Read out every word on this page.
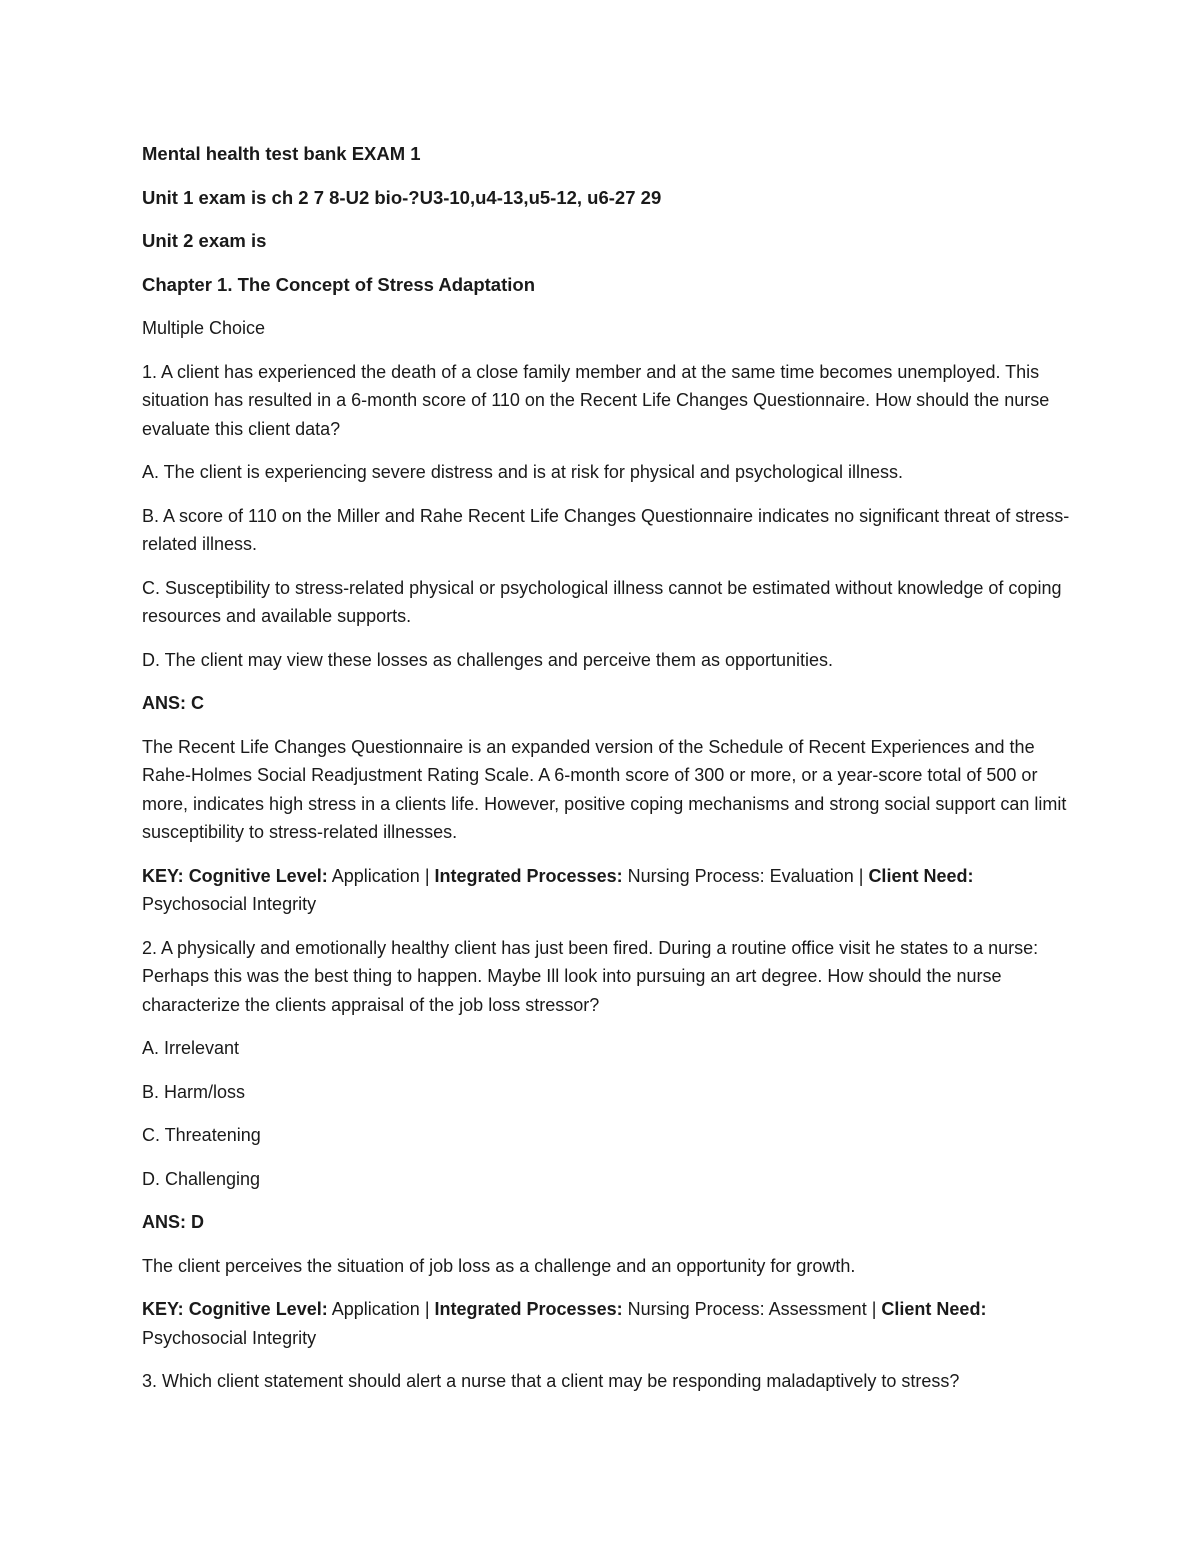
Mental health test bank EXAM 1

Unit 1 exam is ch 2 7 8-U2 bio-?U3-10,u4-13,u5-12, u6-27 29

Unit 2 exam is

Chapter 1. The Concept of Stress Adaptation

Multiple Choice

1. A client has experienced the death of a close family member and at the same time becomes unemployed. This situation has resulted in a 6-month score of 110 on the Recent Life Changes Questionnaire. How should the nurse evaluate this client data?

A. The client is experiencing severe distress and is at risk for physical and psychological illness.

B. A score of 110 on the Miller and Rahe Recent Life Changes Questionnaire indicates no significant threat of stress-related illness.

C. Susceptibility to stress-related physical or psychological illness cannot be estimated without knowledge of coping resources and available supports.

D. The client may view these losses as challenges and perceive them as opportunities.

ANS: C

The Recent Life Changes Questionnaire is an expanded version of the Schedule of Recent Experiences and the Rahe-Holmes Social Readjustment Rating Scale. A 6-month score of 300 or more, or a year-score total of 500 or more, indicates high stress in a clients life. However, positive coping mechanisms and strong social support can limit susceptibility to stress-related illnesses.

KEY: Cognitive Level: Application | Integrated Processes: Nursing Process: Evaluation | Client Need: Psychosocial Integrity

2. A physically and emotionally healthy client has just been fired. During a routine office visit he states to a nurse: Perhaps this was the best thing to happen. Maybe Ill look into pursuing an art degree. How should the nurse characterize the clients appraisal of the job loss stressor?

A. Irrelevant

B. Harm/loss

C. Threatening

D. Challenging

ANS: D

The client perceives the situation of job loss as a challenge and an opportunity for growth.

KEY: Cognitive Level: Application | Integrated Processes: Nursing Process: Assessment | Client Need: Psychosocial Integrity

3. Which client statement should alert a nurse that a client may be responding maladaptively to stress?
